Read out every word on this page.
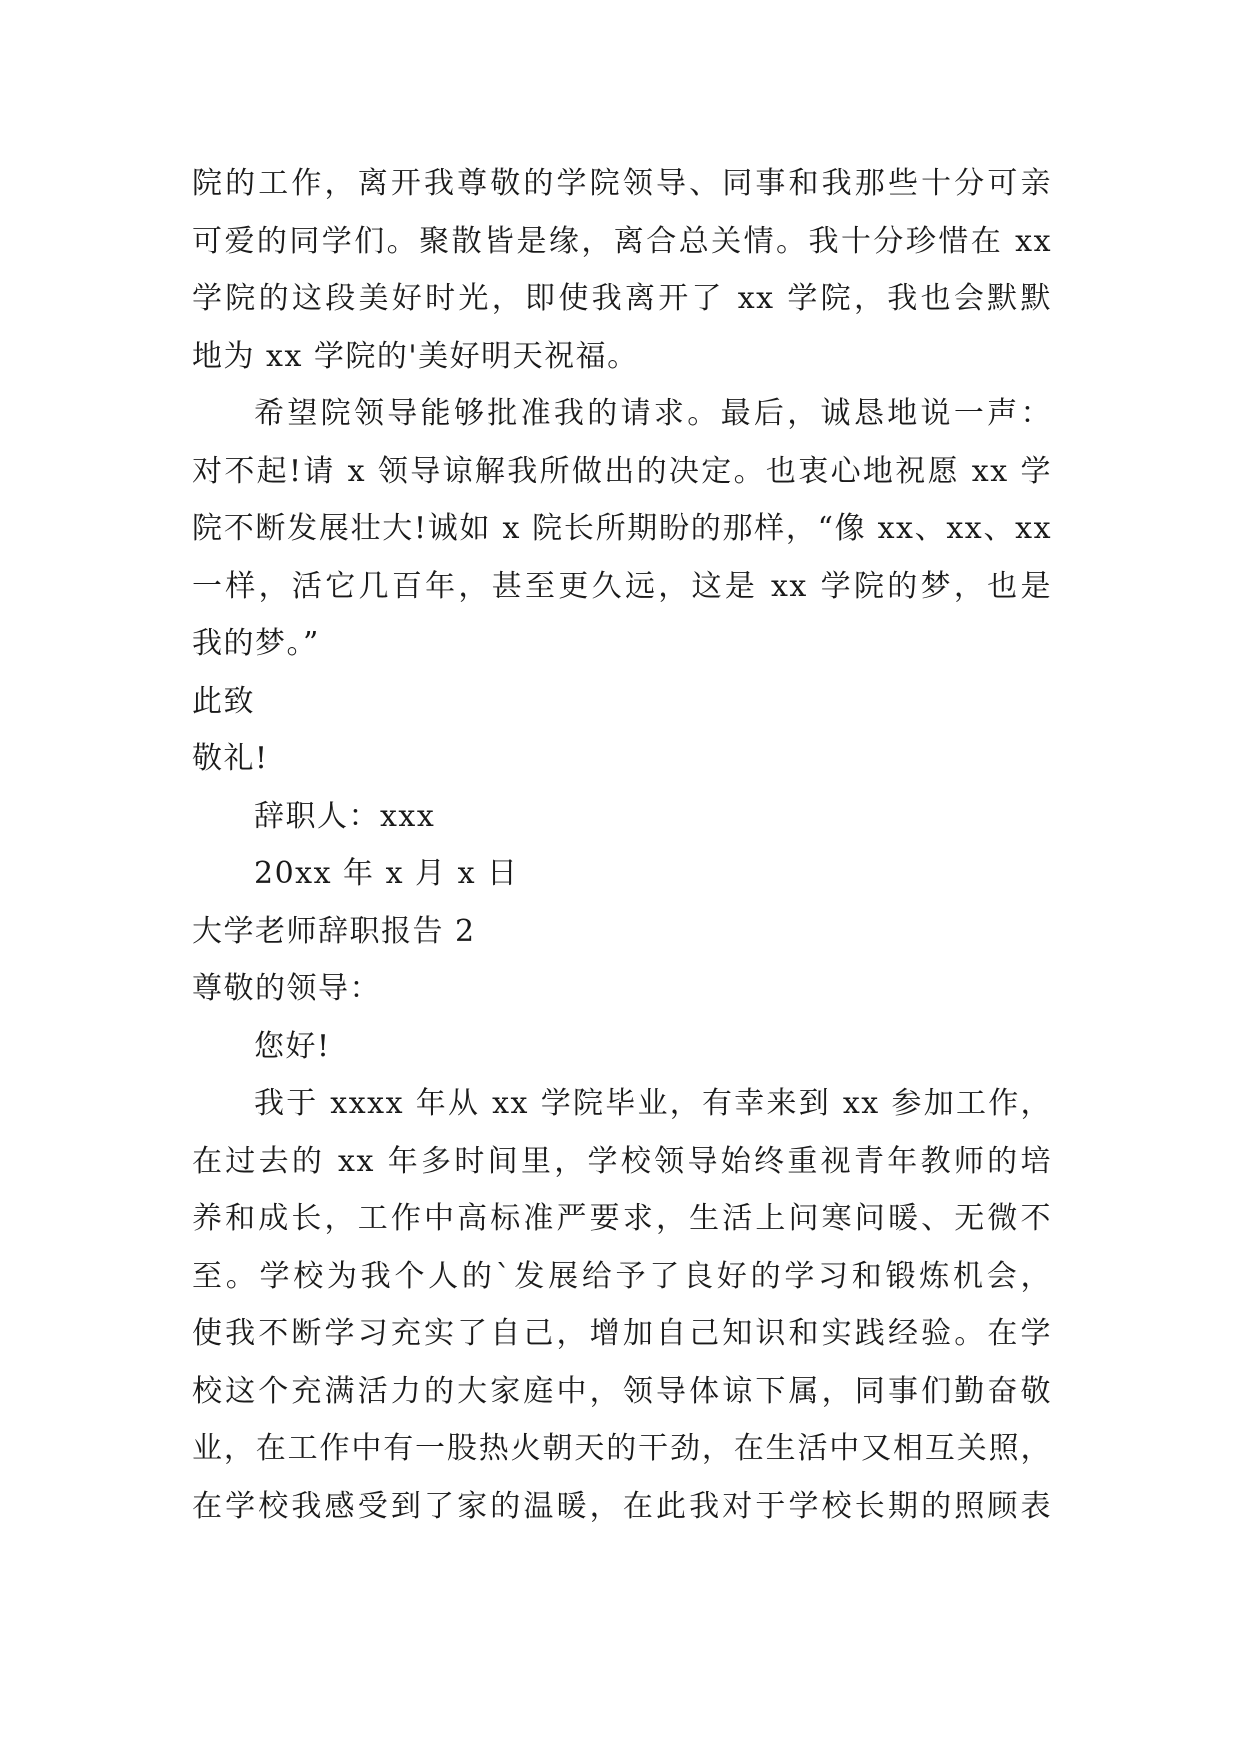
院的工作，离开我尊敬的学院领导、同事和我那些十分可亲
可爱的同学们。聚散皆是缘，离合总关情。我十分珍惜在 xx
学院的这段美好时光，即使我离开了 xx 学院，我也会默默
地为 xx 学院的'美好明天祝福。
希望院领导能够批准我的请求。最后，诚恳地说一声：
对不起!请 x 领导谅解我所做出的决定。也衷心地祝愿 xx 学
院不断发展壮大!诚如 x 院长所期盼的那样，“像 xx、xx、xx
一样，活它几百年，甚至更久远，这是 xx 学院的梦，也是
我的梦。”
此致
敬礼!
辞职人：xxx
20xx 年 x 月 x 日
大学老师辞职报告 2
尊敬的领导：
您好!
我于 xxxx 年从 xx 学院毕业，有幸来到 xx 参加工作，
在过去的 xx 年多时间里，学校领导始终重视青年教师的培
养和成长，工作中高标准严要求，生活上问寒问暖、无微不
至。学校为我个人的`发展给予了良好的学习和锻炼机会，
使我不断学习充实了自己，增加自己知识和实践经验。在学
校这个充满活力的大家庭中，领导体谅下属，同事们勤奋敬
业，在工作中有一股热火朝天的干劲，在生活中又相互关照，
在学校我感受到了家的温暖，在此我对于学校长期的照顾表
